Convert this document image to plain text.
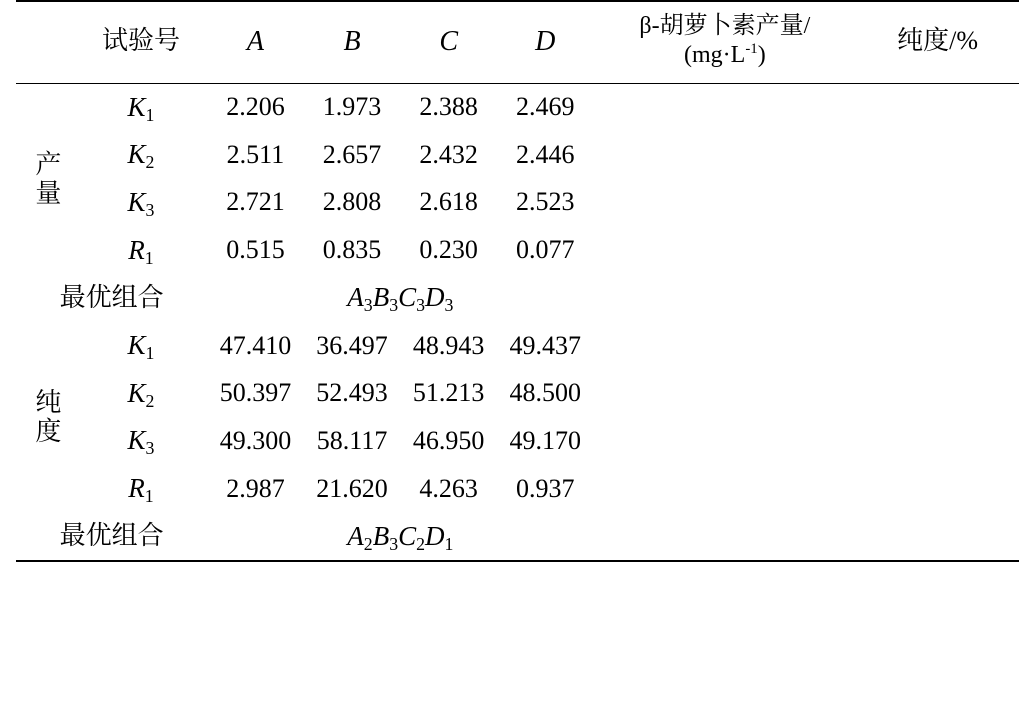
	试验号	A	B	C	D	β-胡萝卜素产量/
$(mg\cdot L^{-1})$	纯度/%

产
量	$K_1$	2.206	1.973	2.388	2.469		
	$K_2$	2.511	2.657	2.432	2.446		
	$K_3$	2.721	2.808	2.618	2.523		
	$R_1$	0.515	0.835	0.230	0.077		
最优组合		$A_3B_3C_3D_3$		

纯
度	$K_1$	47.410	36.497	48.943	49.437		
	$K_2$	50.397	52.493	51.213	48.500		
	$K_3$	49.300	58.117	46.950	49.170		
	$R_1$	2.987	21.620	4.263	0.937		
最优组合		$A_2B_3C_2D_1$		
